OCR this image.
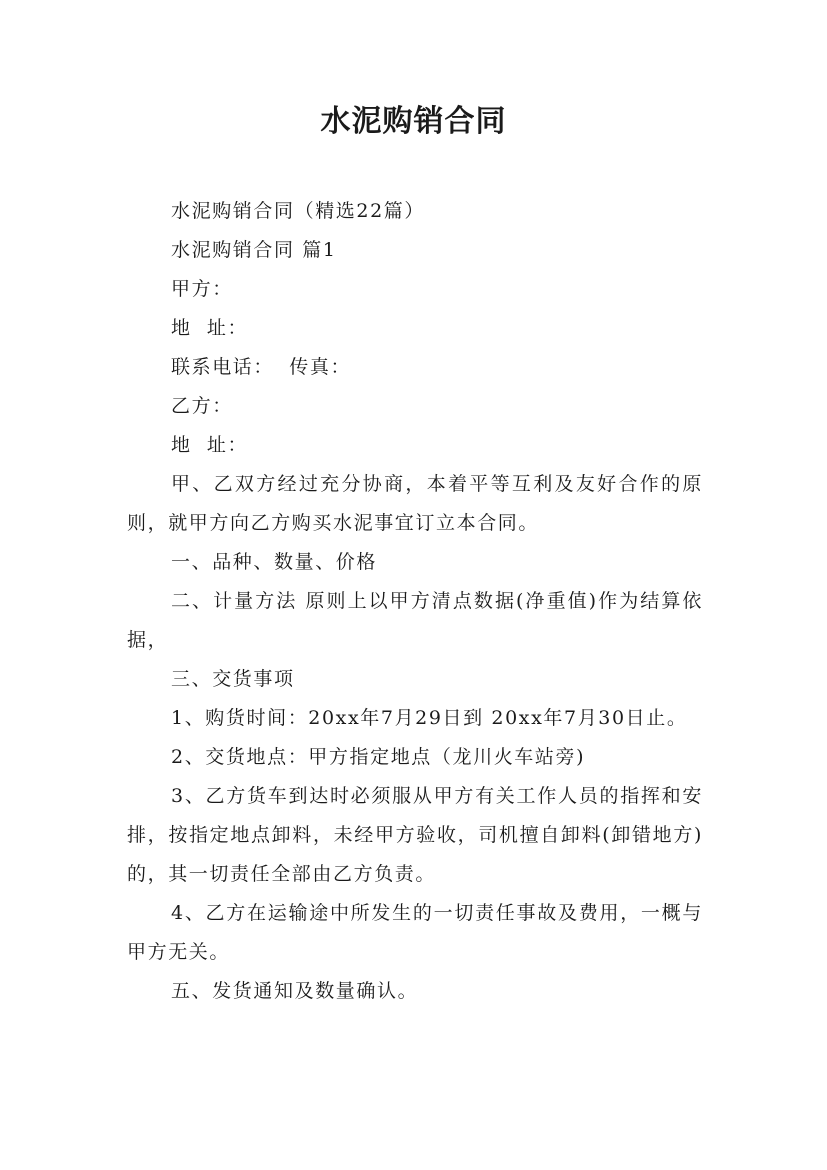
水泥购销合同

水泥购销合同（精选22篇）

水泥购销合同 篇1

甲方：

地  址：

联系电话：  传真：

乙方：

地  址：

甲、乙双方经过充分协商，本着平等互利及友好合作的原则，就甲方向乙方购买水泥事宜订立本合同。

一、品种、数量、价格

二、计量方法 原则上以甲方清点数据(净重值)作为结算依据，

三、交货事项

1、购货时间：20xx年7月29日到 20xx年7月30日止。

2、交货地点：甲方指定地点（龙川火车站旁)

3、乙方货车到达时必须服从甲方有关工作人员的指挥和安排，按指定地点卸料，未经甲方验收，司机擅自卸料(卸错地方)的，其一切责任全部由乙方负责。

4、乙方在运输途中所发生的一切责任事故及费用，一概与甲方无关。

五、发货通知及数量确认。
